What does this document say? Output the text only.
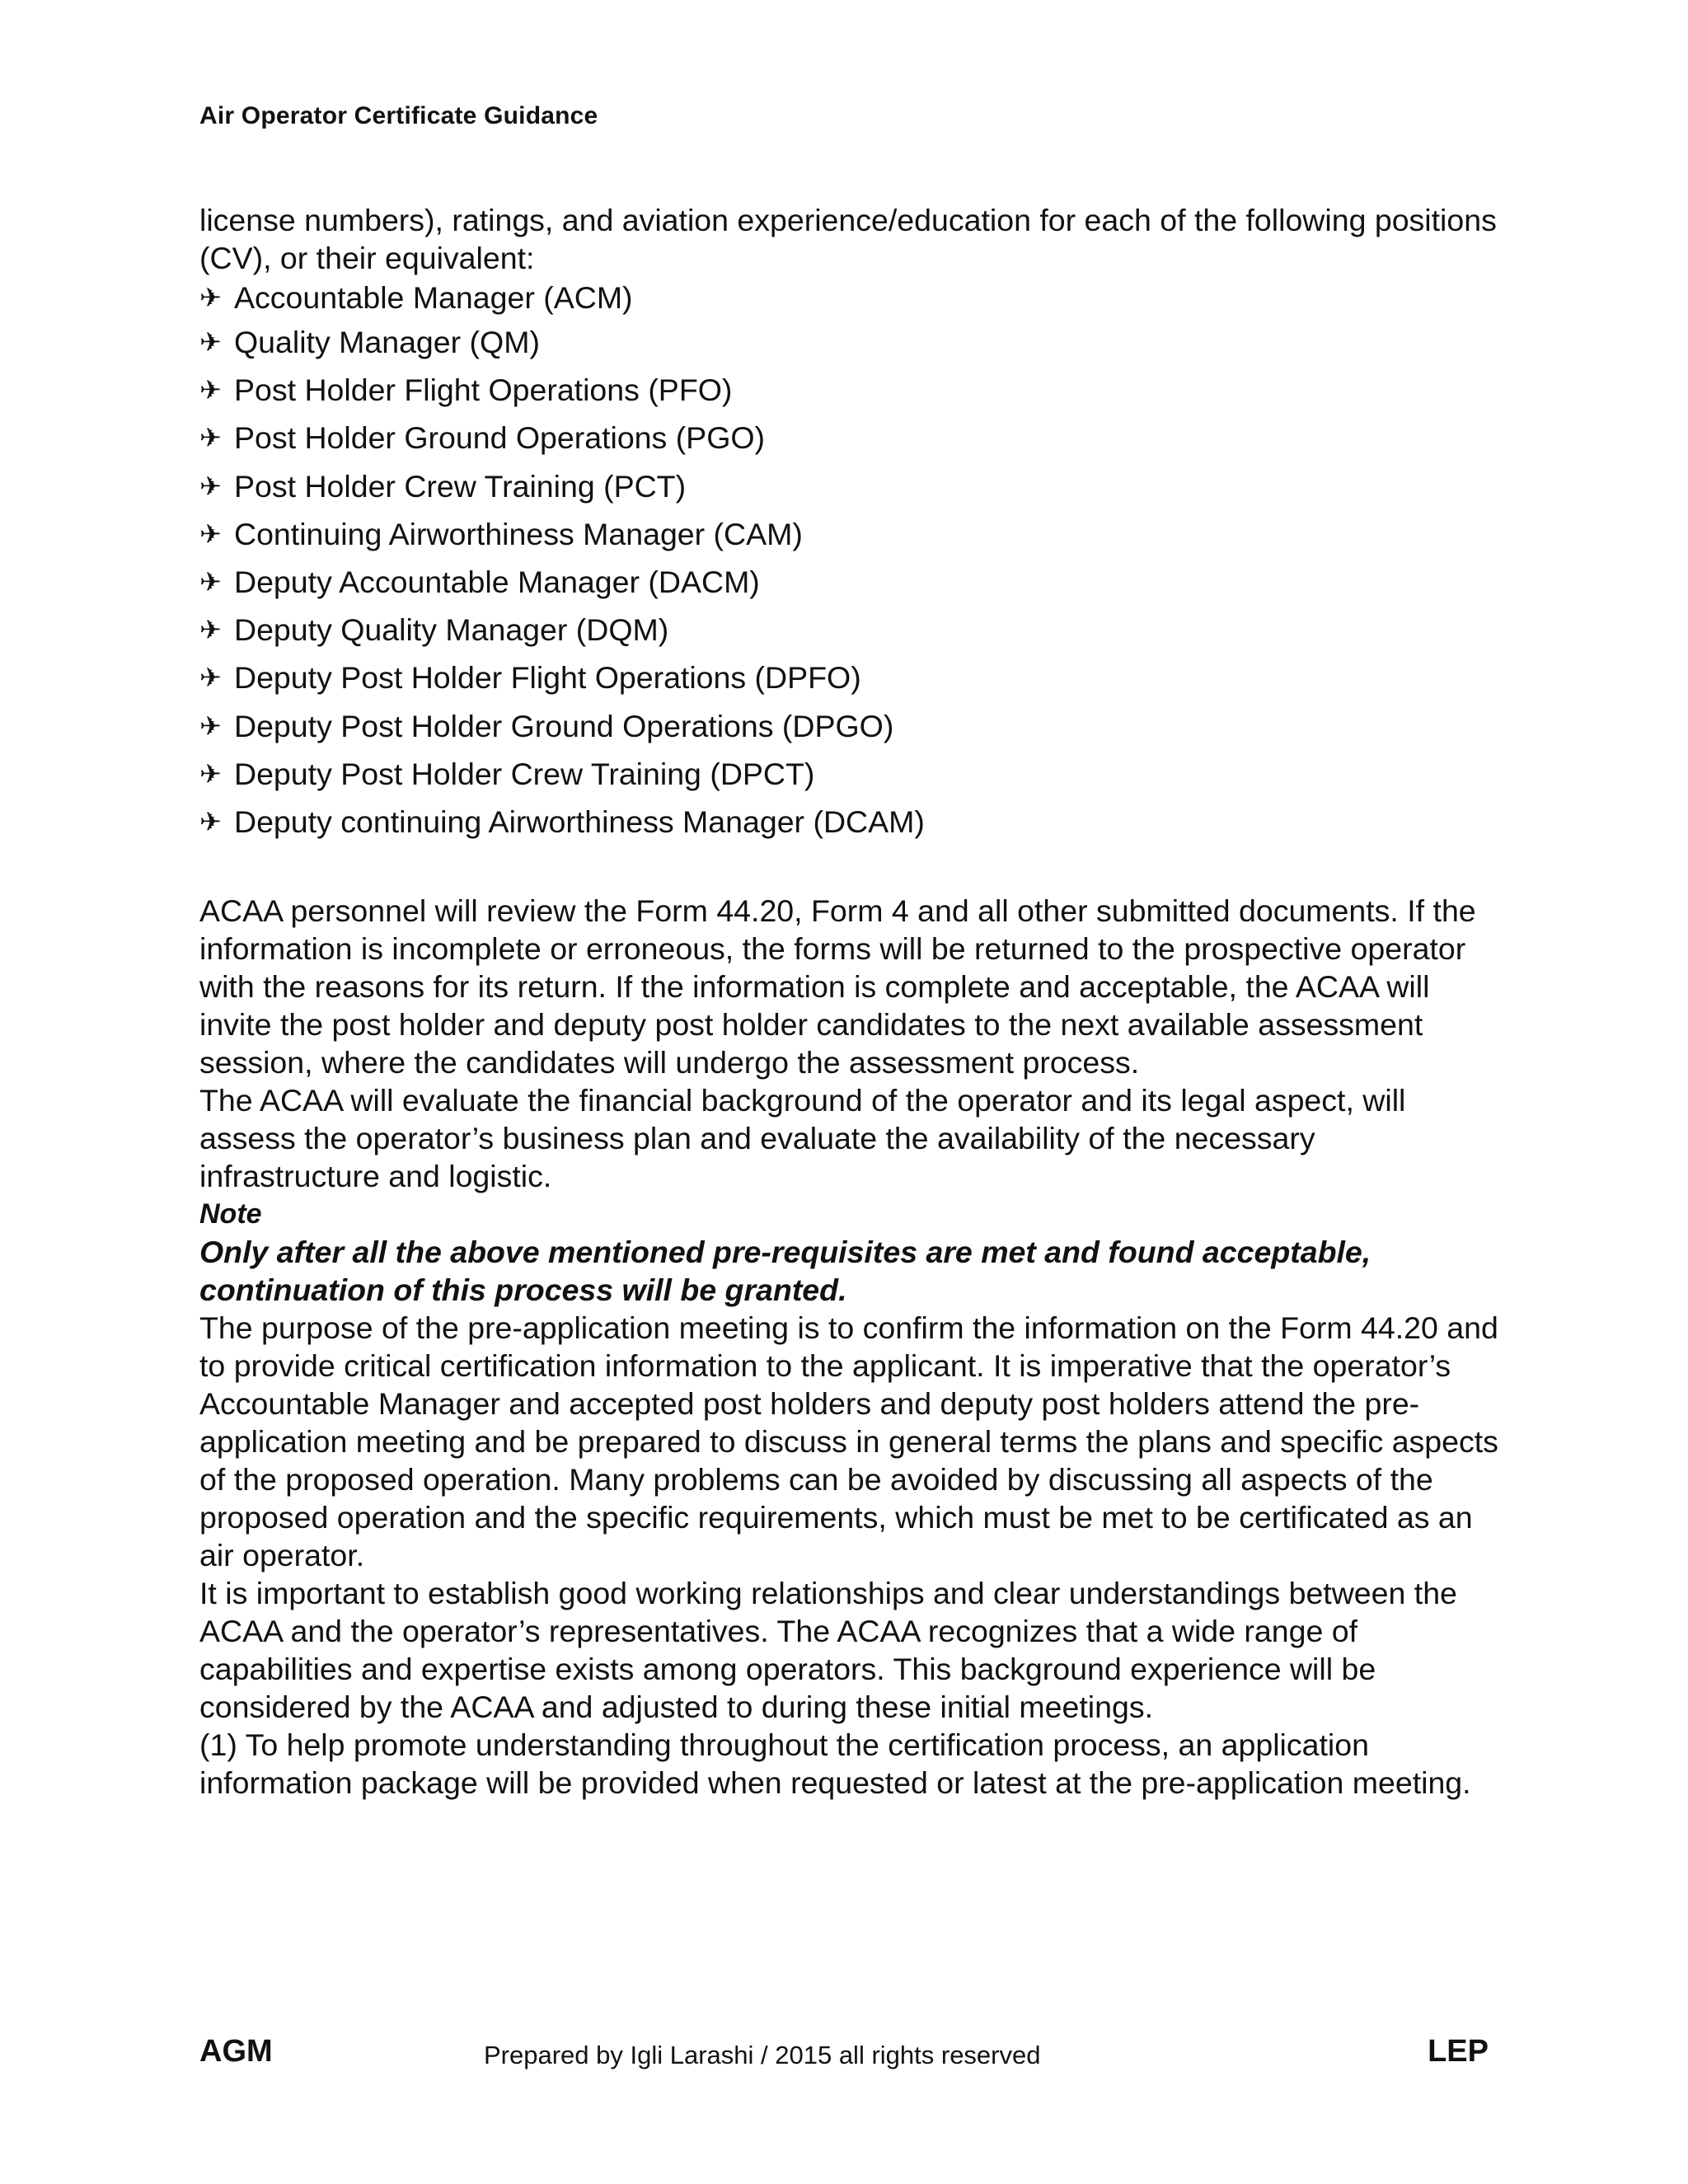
Air Operator Certificate Guidance

license numbers), ratings, and aviation experience/education for each of the following positions (CV), or their equivalent:

✈ Accountable Manager (ACM)
✈ Quality Manager (QM)
✈ Post Holder Flight Operations (PFO)
✈ Post Holder Ground Operations (PGO)
✈ Post Holder Crew Training (PCT)
✈ Continuing Airworthiness Manager (CAM)
✈ Deputy Accountable Manager (DACM)
✈ Deputy Quality Manager (DQM)
✈ Deputy Post Holder Flight Operations (DPFO)
✈ Deputy Post Holder Ground Operations (DPGO)
✈ Deputy Post Holder Crew Training (DPCT)
✈ Deputy continuing Airworthiness Manager (DCAM)

ACAA personnel will review the Form 44.20, Form 4 and all other submitted documents. If the information is incomplete or erroneous, the forms will be returned to the prospective operator with the reasons for its return. If the information is complete and acceptable, the ACAA will invite the post holder and deputy post holder candidates to the next available assessment session, where the candidates will undergo the assessment process.

The ACAA will evaluate the financial background of the operator and its legal aspect, will assess the operator’s business plan and evaluate the availability of the necessary infrastructure and logistic.

Note

Only after all the above mentioned pre-requisites are met and found acceptable, continuation of this process will be granted.

The purpose of the pre-application meeting is to confirm the information on the Form 44.20 and to provide critical certification information to the applicant. It is imperative that the operator’s Accountable Manager and accepted post holders and deputy post holders attend the pre-application meeting and be prepared to discuss in general terms the plans and specific aspects of the proposed operation. Many problems can be avoided by discussing all aspects of the proposed operation and the specific requirements, which must be met to be certificated as an air operator.

It is important to establish good working relationships and clear understandings between the ACAA and the operator’s representatives. The ACAA recognizes that a wide range of capabilities and expertise exists among operators. This background experience will be considered by the ACAA and adjusted to during these initial meetings.

(1) To help promote understanding throughout the certification process, an application information package will be provided when requested or latest at the pre-application meeting.

AGM	Prepared by Igli Larashi / 2015 all rights reserved	LEP
